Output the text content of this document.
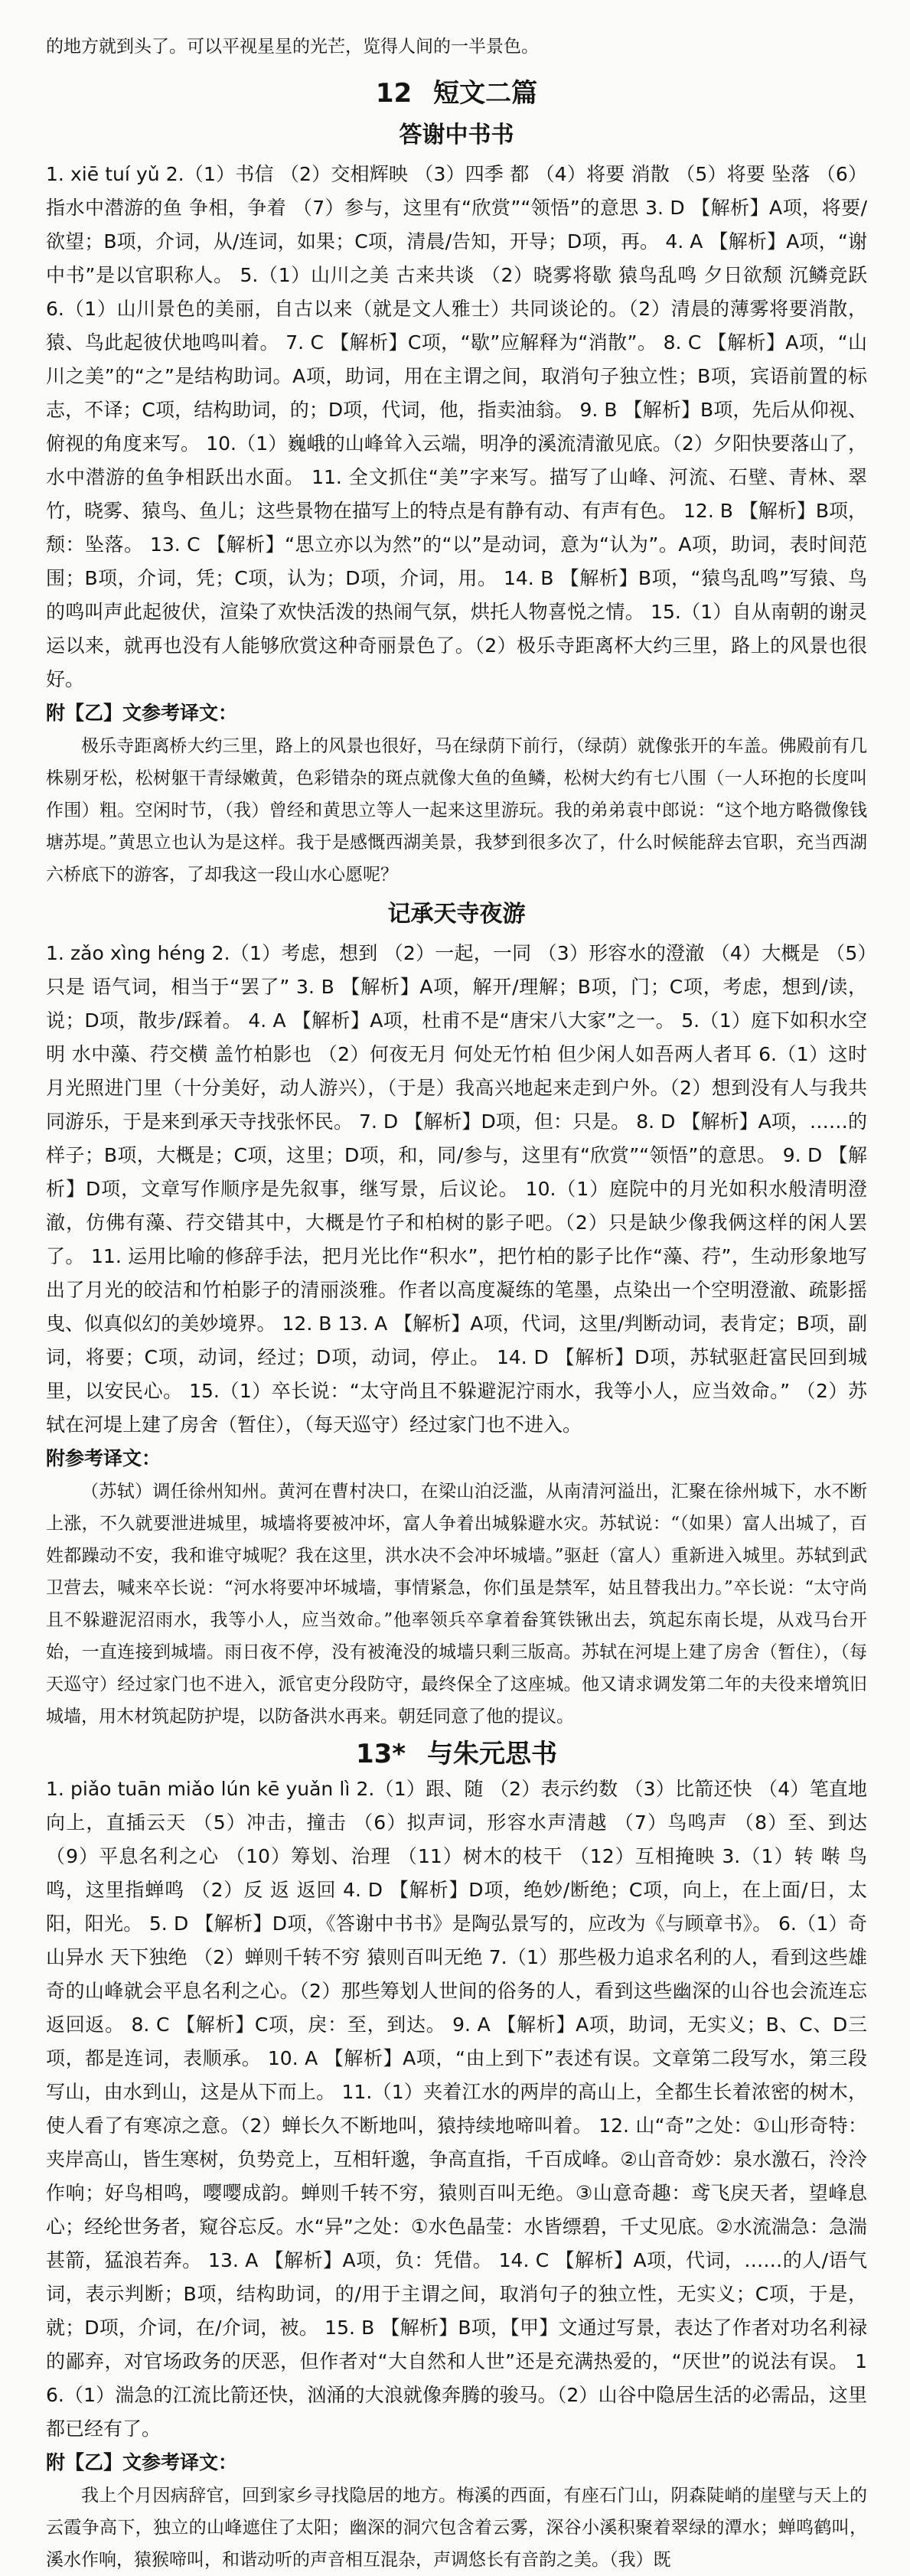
的地方就到头了。可以平视星星的光芒，览得人间的一半景色。

12 短文二篇
答谢中书书

1. xiē tuí yǔ 2.（1）书信 （2）交相辉映 （3）四季 都 （4）将要 消散 （5）将要 坠落 （6）指水中潜游的鱼 争相，争着 （7）参与，这里有“欣赏”“领悟”的意思 3. D 【解析】A项，将要/欲望；B项，介词，从/连词，如果；C项，清晨/告知，开导；D项，再。 4. A 【解析】A项，“谢中书”是以官职称人。 5.（1）山川之美 古来共谈 （2）晓雾将歇 猿鸟乱鸣 夕日欲颓 沉鳞竞跃 6.（1）山川景色的美丽，自古以来（就是文人雅士）共同谈论的。（2）清晨的薄雾将要消散，猿、鸟此起彼伏地鸣叫着。 7. C 【解析】C项，“歇”应解释为“消散”。 8. C 【解析】A项，“山川之美”的“之”是结构助词。A项，助词，用在主谓之间，取消句子独立性；B项，宾语前置的标志，不译；C项，结构助词，的；D项，代词，他，指卖油翁。 9. B 【解析】B项，先后从仰视、俯视的角度来写。 10.（1）巍峨的山峰耸入云端，明净的溪流清澈见底。（2）夕阳快要落山了，水中潜游的鱼争相跃出水面。 11. 全文抓住“美”字来写。描写了山峰、河流、石壁、青林、翠竹，晓雾、猿鸟、鱼儿；这些景物在描写上的特点是有静有动、有声有色。 12. B 【解析】B项，颓：坠落。 13. C 【解析】“思立亦以为然”的“以”是动词，意为“认为”。A项，助词，表时间范围；B项，介词，凭；C项，认为；D项，介词，用。 14. B 【解析】B项，“猿鸟乱鸣”写猿、鸟的鸣叫声此起彼伏，渲染了欢快活泼的热闹气氛，烘托人物喜悦之情。 15.（1）自从南朝的谢灵运以来，就再也没有人能够欣赏这种奇丽景色了。（2）极乐寺距离杯大约三里，路上的风景也很好。

附【乙】文参考译文：

极乐寺距离桥大约三里，路上的风景也很好，马在绿荫下前行，（绿荫）就像张开的车盖。佛殿前有几株剔牙松，松树躯干青绿嫩黄，色彩错杂的斑点就像大鱼的鱼鳞，松树大约有七八围（一人环抱的长度叫作围）粗。空闲时节，（我）曾经和黄思立等人一起来这里游玩。我的弟弟袁中郎说：“这个地方略微像钱塘苏堤。”黄思立也认为是这样。我于是感慨西湖美景，我梦到很多次了，什么时候能辞去官职，充当西湖六桥底下的游客，了却我这一段山水心愿呢？

记承天寺夜游

1. zǎo xìng héng 2.（1）考虑，想到 （2）一起，一同 （3）形容水的澄澈 （4）大概是 （5）只是 语气词，相当于“罢了” 3. B 【解析】A项，解开/理解；B项，门；C项，考虑，想到/读，说；D项，散步/踩着。 4. A 【解析】A项，杜甫不是“唐宋八大家”之一。 5.（1）庭下如积水空明 水中藻、荇交横 盖竹柏影也 （2）何夜无月 何处无竹柏 但少闲人如吾两人者耳 6.（1）这时月光照进门里（十分美好，动人游兴），（于是）我高兴地起来走到户外。（2）想到没有人与我共同游乐，于是来到承天寺找张怀民。 7. D 【解析】D项，但：只是。 8. D 【解析】A项，……的样子；B项，大概是；C项，这里；D项，和，同/参与，这里有“欣赏”“领悟”的意思。 9. D 【解析】D项，文章写作顺序是先叙事，继写景，后议论。 10.（1）庭院中的月光如积水般清明澄澈，仿佛有藻、荇交错其中，大概是竹子和柏树的影子吧。（2）只是缺少像我俩这样的闲人罢了。 11. 运用比喻的修辞手法，把月光比作“积水”，把竹柏的影子比作“藻、荇”，生动形象地写出了月光的皎洁和竹柏影子的清丽淡雅。作者以高度凝练的笔墨，点染出一个空明澄澈、疏影摇曳、似真似幻的美妙境界。 12. B 13. A 【解析】A项，代词，这里/判断动词，表肯定；B项，副词，将要；C项，动词，经过；D项，动词，停止。 14. D 【解析】D项，苏轼驱赶富民回到城里，以安民心。 15.（1）卒长说：“太守尚且不躲避泥泞雨水，我等小人，应当效命。” （2）苏轼在河堤上建了房舍（暂住），（每天巡守）经过家门也不进入。

附参考译文：

（苏轼）调任徐州知州。黄河在曹村决口，在梁山泊泛滥，从南清河溢出，汇聚在徐州城下，水不断上涨，不久就要泄进城里，城墙将要被冲坏，富人争着出城躲避水灾。苏轼说：“（如果）富人出城了，百姓都躁动不安，我和谁守城呢？我在这里，洪水决不会冲坏城墙。”驱赶（富人）重新进入城里。苏轼到武卫营去，喊来卒长说：“河水将要冲坏城墙，事情紧急，你们虽是禁军，姑且替我出力。”卒长说：“太守尚且不躲避泥沼雨水，我等小人，应当效命。”他率领兵卒拿着畚箕铁锹出去，筑起东南长堤，从戏马台开始，一直连接到城墙。雨日夜不停，没有被淹没的城墙只剩三版高。苏轼在河堤上建了房舍（暂住），（每天巡守）经过家门也不进入，派官吏分段防守，最终保全了这座城。他又请求调发第二年的夫役来增筑旧城墙，用木材筑起防护堤，以防备洪水再来。朝廷同意了他的提议。

13* 与朱元思书

1. piǎo tuān miǎo lún kē yuǎn lì 2.（1）跟、随 （2）表示约数 （3）比箭还快 （4）笔直地向上，直插云天 （5）冲击，撞击 （6）拟声词，形容水声清越 （7）鸟鸣声 （8）至、到达 （9）平息名利之心 （10）筹划、治理 （11）树木的枝干 （12）互相掩映 3.（1）转 啭 鸟鸣，这里指蝉鸣 （2）反 返 返回 4. D 【解析】D项，绝妙/断绝；C项，向上，在上面/日，太阳，阳光。 5. D 【解析】D项，《答谢中书书》是陶弘景写的，应改为《与顾章书》。 6.（1）奇山异水 天下独绝 （2）蝉则千转不穷 猿则百叫无绝 7.（1）那些极力追求名利的人，看到这些雄奇的山峰就会平息名利之心。（2）那些筹划人世间的俗务的人，看到这些幽深的山谷也会流连忘返回返。 8. C 【解析】C项，戾：至，到达。 9. A 【解析】A项，助词，无实义；B、C、D三项，都是连词，表顺承。 10. A 【解析】A项，“由上到下”表述有误。文章第二段写水，第三段写山，由水到山，这是从下而上。 11.（1）夹着江水的两岸的高山上，全都生长着浓密的树木，使人看了有寒凉之意。（2）蝉长久不断地叫，猿持续地啼叫着。 12. 山“奇”之处：①山形奇特：夹岸高山，皆生寒树，负势竞上，互相轩邈，争高直指，千百成峰。②山音奇妙：泉水激石，泠泠作响；好鸟相鸣，嘤嘤成韵。蝉则千转不穷，猿则百叫无绝。③山意奇趣：鸢飞戾天者，望峰息心；经纶世务者，窥谷忘反。水“异”之处：①水色晶莹：水皆缥碧，千丈见底。②水流湍急：急湍甚箭，猛浪若奔。 13. A 【解析】A项，负：凭借。 14. C 【解析】A项，代词，……的人/语气词，表示判断；B项，结构助词，的/用于主谓之间，取消句子的独立性，无实义；C项，于是，就；D项，介词，在/介词，被。 15. B 【解析】B项，【甲】文通过写景，表达了作者对功名利禄的鄙弃，对官场政务的厌恶，但作者对“大自然和人世”还是充满热爱的，“厌世”的说法有误。 16.（1）湍急的江流比箭还快，汹涌的大浪就像奔腾的骏马。（2）山谷中隐居生活的必需品，这里都已经有了。

附【乙】文参考译文：

我上个月因病辞官，回到家乡寻找隐居的地方。梅溪的西面，有座石门山，阴森陡峭的崖壁与天上的云霞争高下，独立的山峰遮住了太阳；幽深的洞穴包含着云雾，深谷小溪积聚着翠绿的潭水；蝉鸣鹤叫，溪水作响，猿猴啼叫，和谐动听的声音相互混杂，声调悠长有音韵之美。（我）既
